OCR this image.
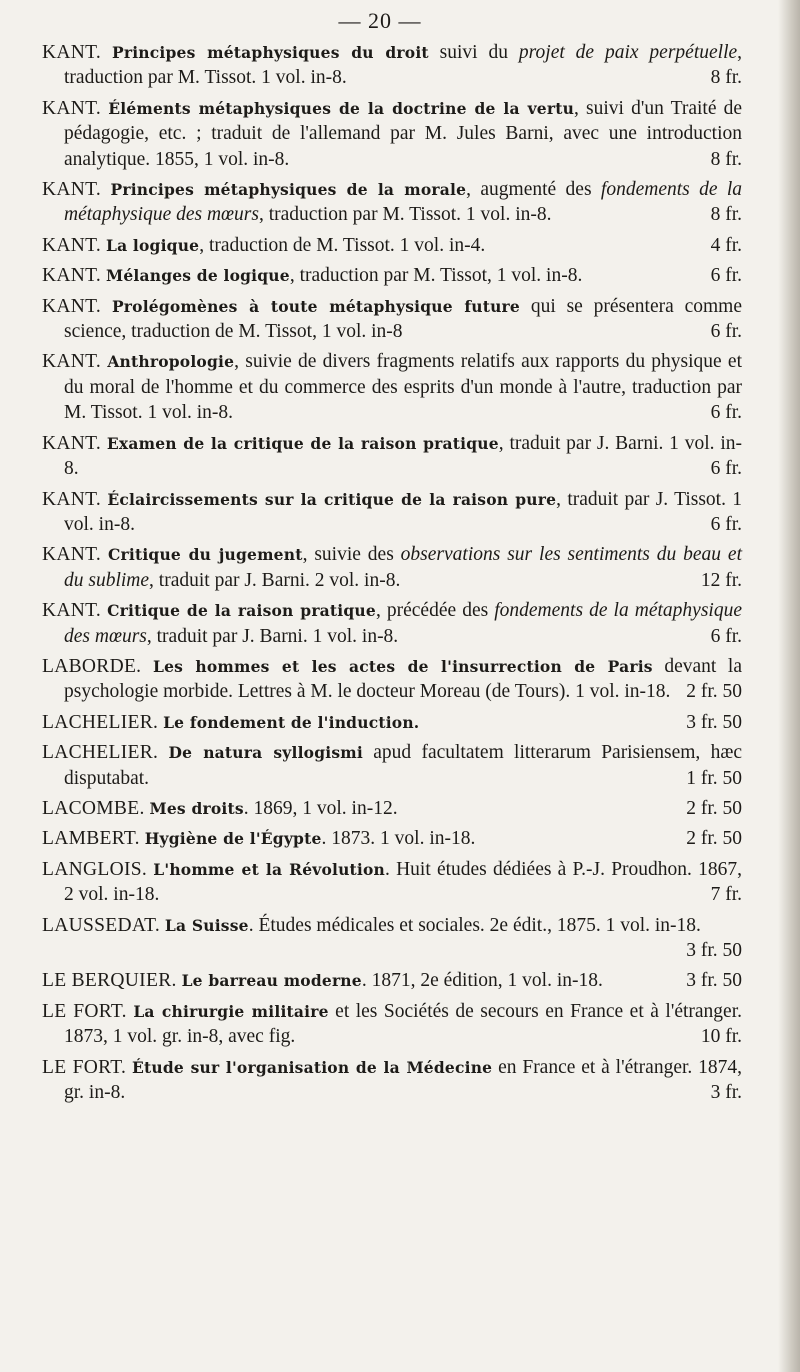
— 20 —

KANT. Principes métaphysiques du droit suivi du projet de paix perpétuelle, traduction par M. Tissot. 1 vol. in-8.	8 fr.

KANT. Éléments métaphysiques de la doctrine de la vertu, suivi d'un Traité de pédagogie, etc. ; traduit de l'allemand par M. Jules Barni, avec une introduction analytique. 1855, 1 vol. in-8.	8 fr.

KANT. Principes métaphysiques de la morale, augmenté des fondements de la métaphysique des mœurs, traduction par M. Tissot. 1 vol. in-8.	8 fr.

KANT. La logique, traduction de M. Tissot. 1 vol. in-4.	4 fr.

KANT. Mélanges de logique, traduction par M. Tissot, 1 vol. in-8.	6 fr.

KANT. Prolégomènes à toute métaphysique future qui se présentera comme science, traduction de M. Tissot, 1 vol. in-8	6 fr.

KANT. Anthropologie, suivie de divers fragments relatifs aux rapports du physique et du moral de l'homme et du commerce des esprits d'un monde à l'autre, traduction par M. Tissot. 1 vol. in-8.	6 fr.

KANT. Examen de la critique de la raison pratique, traduit par J. Barni. 1 vol. in-8.	6 fr.

KANT. Éclaircissements sur la critique de la raison pure, traduit par J. Tissot. 1 vol. in-8.	6 fr.

KANT. Critique du jugement, suivie des observations sur les sentiments du beau et du sublime, traduit par J. Barni. 2 vol. in-8.	12 fr.

KANT. Critique de la raison pratique, précédée des fondements de la métaphysique des mœurs, traduit par J. Barni. 1 vol. in-8.	6 fr.

LABORDE. Les hommes et les actes de l'insurrection de Paris devant la psychologie morbide. Lettres à M. le docteur Moreau (de Tours). 1 vol. in-18. 2 fr. 50

LACHELIER. Le fondement de l'induction.	3 fr. 50

LACHELIER. De natura syllogismi apud facultatem litterarum Parisiensem, hæc disputabat.	1 fr. 50

LACOMBE. Mes droits. 1869, 1 vol. in-12.	2 fr. 50

LAMBERT. Hygiène de l'Égypte. 1873. 1 vol. in-18.	2 fr. 50

LANGLOIS. L'homme et la Révolution. Huit études dédiées à P.-J. Proudhon. 1867, 2 vol. in-18.	7 fr.

LAUSSEDAT. La Suisse. Études médicales et sociales. 2e édit., 1875. 1 vol. in-18.
3 fr. 50

LE BERQUIER. Le barreau moderne. 1871, 2e édition, 1 vol. in-18.	3 fr. 50

LE FORT. La chirurgie militaire et les Sociétés de secours en France et à l'étranger. 1873, 1 vol. gr. in-8, avec fig.	10 fr.

LE FORT. Étude sur l'organisation de la Médecine en France et à l'étranger. 1874, gr. in-8.	3 fr.
